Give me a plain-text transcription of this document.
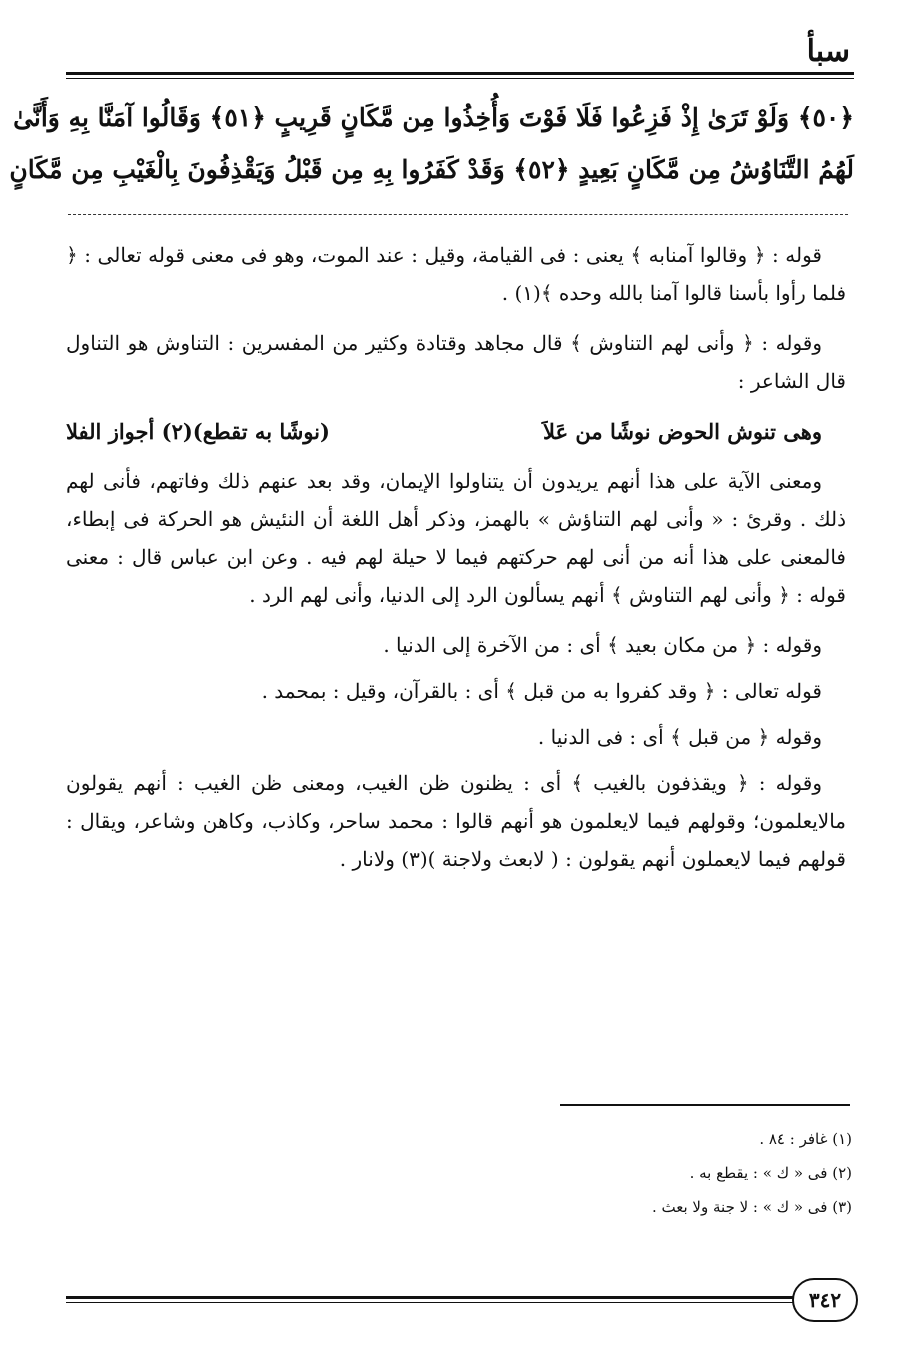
سبأ
﴿٥٠﴾ وَلَوْ تَرَىٰ إِذْ فَزِعُوا فَلَا فَوْتَ وَأُخِذُوا مِن مَّكَانٍ قَرِيبٍ ﴿٥١﴾ وَقَالُوا آمَنَّا بِهِ وَأَنَّىٰ
لَهُمُ التَّنَاوُشُ مِن مَّكَانٍ بَعِيدٍ ﴿٥٢﴾ وَقَدْ كَفَرُوا بِهِ مِن قَبْلُ وَيَقْذِفُونَ بِالْغَيْبِ مِن مَّكَانٍ

قوله : ﴿ وقالوا آمنابه ﴾ يعنى : فى القيامة، وقيل : عند الموت، وهو فى معنى قوله تعالى : ﴿ فلما رأوا بأسنا قالوا آمنا بالله وحده ﴾(١) .

وقوله : ﴿ وأنى لهم التناوش ﴾ قال مجاهد وقتادة وكثير من المفسرين : التناوش هو التناول قال الشاعر :

وهى تنوش الحوض نوشًا من عَلاَ
(نوشًا به تقطع)(٢) أجواز الفلا

ومعنى الآية على هذا أنهم يريدون أن يتناولوا الإيمان، وقد بعد عنهم ذلك وفاتهم، فأنى لهم ذلك . وقرئ : « وأنى لهم التناؤش » بالهمز، وذكر أهل اللغة أن النئيش هو الحركة فى إبطاء، فالمعنى على هذا أنه من أنى لهم حركتهم فيما لا حيلة لهم فيه . وعن ابن عباس قال : معنى قوله : ﴿ وأنى لهم التناوش ﴾ أنهم يسألون الرد إلى الدنيا، وأنى لهم الرد .

وقوله : ﴿ من مكان بعيد ﴾ أى : من الآخرة إلى الدنيا .

قوله تعالى : ﴿ وقد كفروا به من قبل ﴾ أى : بالقرآن، وقيل : بمحمد .

وقوله ﴿ من قبل ﴾ أى : فى الدنيا .

وقوله : ﴿ ويقذفون بالغيب ﴾ أى : يظنون ظن الغيب، ومعنى ظن الغيب : أنهم يقولون مالايعلمون؛ وقولهم فيما لايعلمون هو أنهم قالوا : محمد ساحر، وكاذب، وكاهن وشاعر، ويقال : قولهم فيما لايعملون أنهم يقولون : ( لابعث ولاجنة )(٣) ولانار .

(١) غافر : ٨٤ .
(٢) فى « ك » : يقطع به .
(٣) فى « ك » : لا جنة ولا بعث .
٣٤٢
